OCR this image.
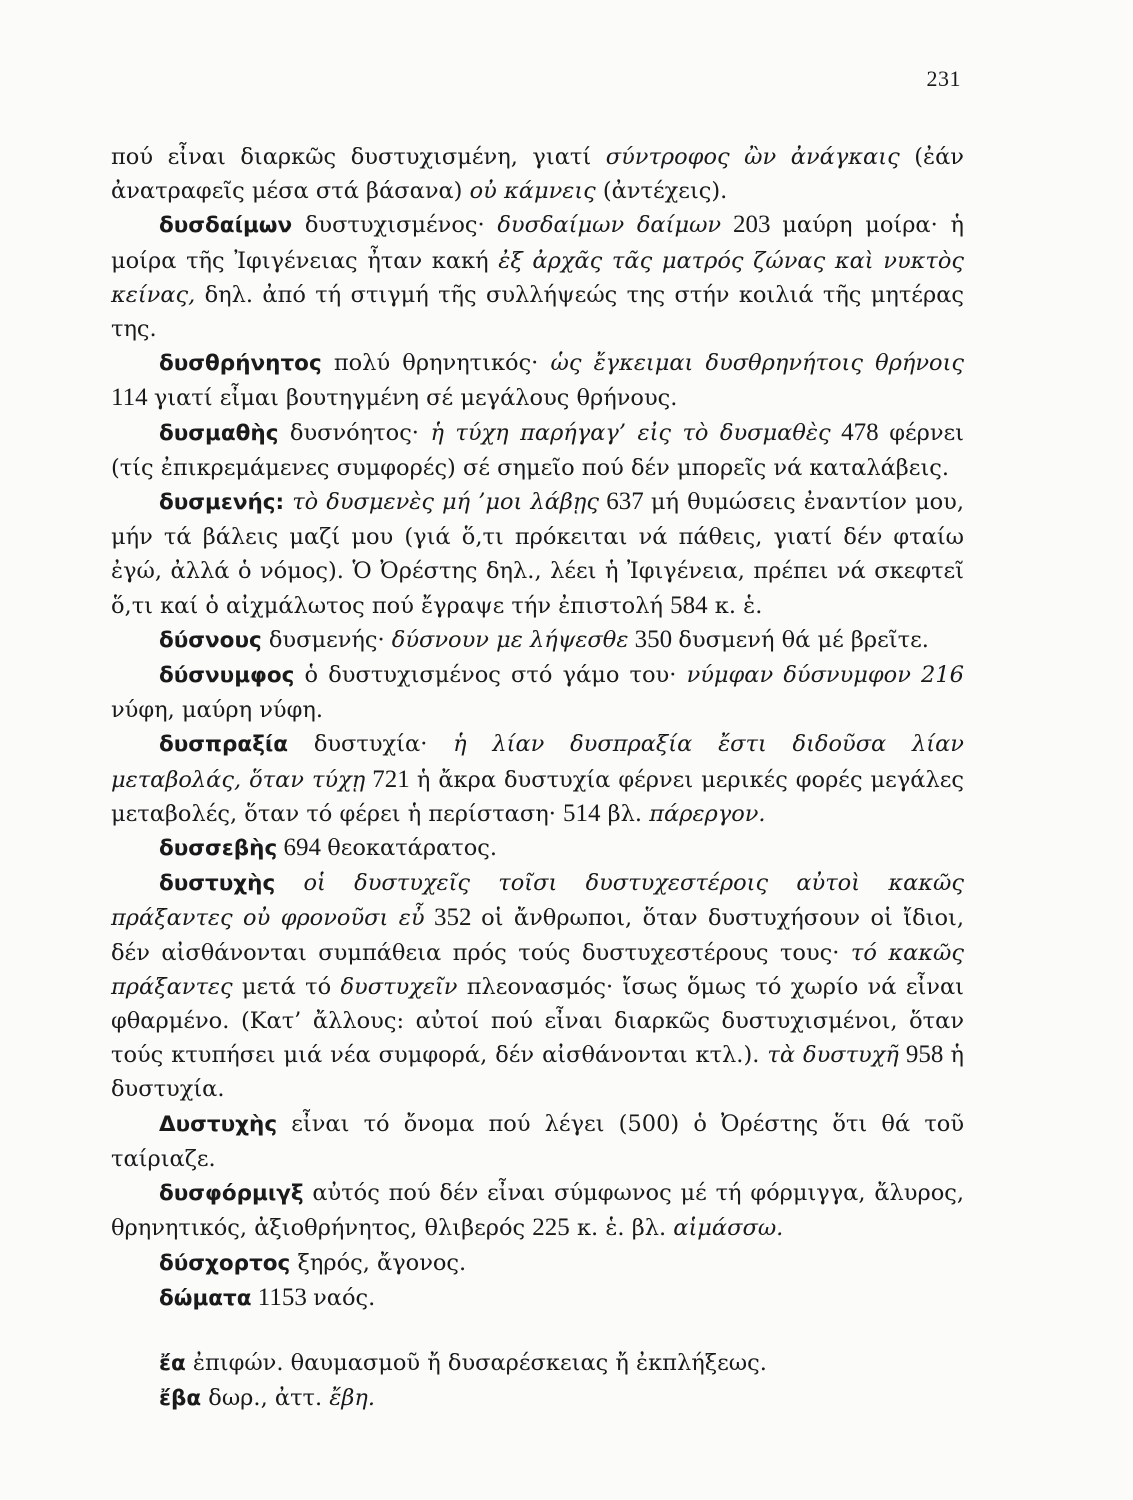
231

πού εἶναι διαρκῶς δυστυχισμένη, γιατί σύντροφος ὢν ἀνάγκαις (ἐάν ἀνατραφεῖς μέσα στά βάσανα) οὐ κάμνεις (ἀντέχεις).

δυσδαίμων δυστυχισμένος· δυσδαίμων δαίμων 203 μαύρη μοίρα· ἡ μοίρα τῆς Ἰφιγένειας ἦταν κακή ἐξ ἀρχᾶς τᾶς ματρός ζώνας καὶ νυκτὸς κείνας, δηλ. ἀπό τή στιγμή τῆς συλλήψεώς της στήν κοιλιά τῆς μητέρας της.

δυσθρήνητος πολύ θρηνητικός· ὡς ἔγκειμαι δυσθρηνήτοις θρήνοις 114 γιατί εἶμαι βουτηγμένη σέ μεγάλους θρήνους.

δυσμαθὴς δυσνόητος· ἡ τύχη παρήγαγ’ εἰς τὸ δυσμαθὲς 478 φέρνει (τίς ἐπικρεμάμενες συμφορές) σέ σημεῖο πού δέν μπορεῖς νά καταλάβεις.

δυσμενής: τὸ δυσμενὲς μή ’μοι λάβῃς 637 μή θυμώσεις ἐναντίον μου, μήν τά βάλεις μαζί μου (γιά ὅ,τι πρόκειται νά πάθεις, γιατί δέν φταίω ἐγώ, ἀλλά ὁ νόμος). Ὁ Ὀρέστης δηλ., λέει ἡ Ἰφιγένεια, πρέπει νά σκεφτεῖ ὅ,τι καί ὁ αἰχμάλωτος πού ἔγραψε τήν ἐπιστολή 584 κ. ἑ.

δύσνους δυσμενής· δύσνουν με λήψεσθε 350 δυσμενή θά μέ βρεῖτε.

δύσνυμφος ὁ δυστυχισμένος στό γάμο του· νύμφαν δύσνυμφον 216 νύφη, μαύρη νύφη.

δυσπραξία δυστυχία· ἡ λίαν δυσπραξία ἔστι διδοῦσα λίαν μεταβολάς, ὅταν τύχῃ 721 ἡ ἄκρα δυστυχία φέρνει μερικές φορές μεγάλες μεταβολές, ὅταν τό φέρει ἡ περίσταση· 514 βλ. πάρεργον.

δυσσεβὴς 694 θεοκατάρατος.

δυστυχὴς οἱ δυστυχεῖς τοῖσι δυστυχεστέροις αὐτοὶ κακῶς πράξαντες οὐ φρονοῦσι εὖ 352 οἱ ἄνθρωποι, ὅταν δυστυχήσουν οἱ ἴδιοι, δέν αἰσθάνονται συμπάθεια πρός τούς δυστυχεστέρους τους· τό κακῶς πράξαντες μετά τό δυστυχεῖν πλεονασμός· ἴσως ὅμως τό χωρίο νά εἶναι φθαρμένο. (Κατ’ ἄλλους: αὐτοί πού εἶναι διαρκῶς δυστυχισμένοι, ὅταν τούς κτυπήσει μιά νέα συμφορά, δέν αἰσθάνονται κτλ.). τὰ δυστυχῆ 958 ἡ δυστυχία.

Δυστυχὴς εἶναι τό ὄνομα πού λέγει (500) ὁ Ὀρέστης ὅτι θά τοῦ ταίριαζε.

δυσφόρμιγξ αὐτός πού δέν εἶναι σύμφωνος μέ τή φόρμιγγα, ἄλυρος, θρηνητικός, ἀξιοθρήνητος, θλιβερός 225 κ. ἑ. βλ. αἱμάσσω.

δύσχορτος ξηρός, ἄγονος.

δώματα 1153 ναός.

ἔα ἐπιφών. θαυμασμοῦ ἤ δυσαρέσκειας ἤ ἐκπλήξεως.

ἔβα δωρ., ἀττ. ἔβη.
